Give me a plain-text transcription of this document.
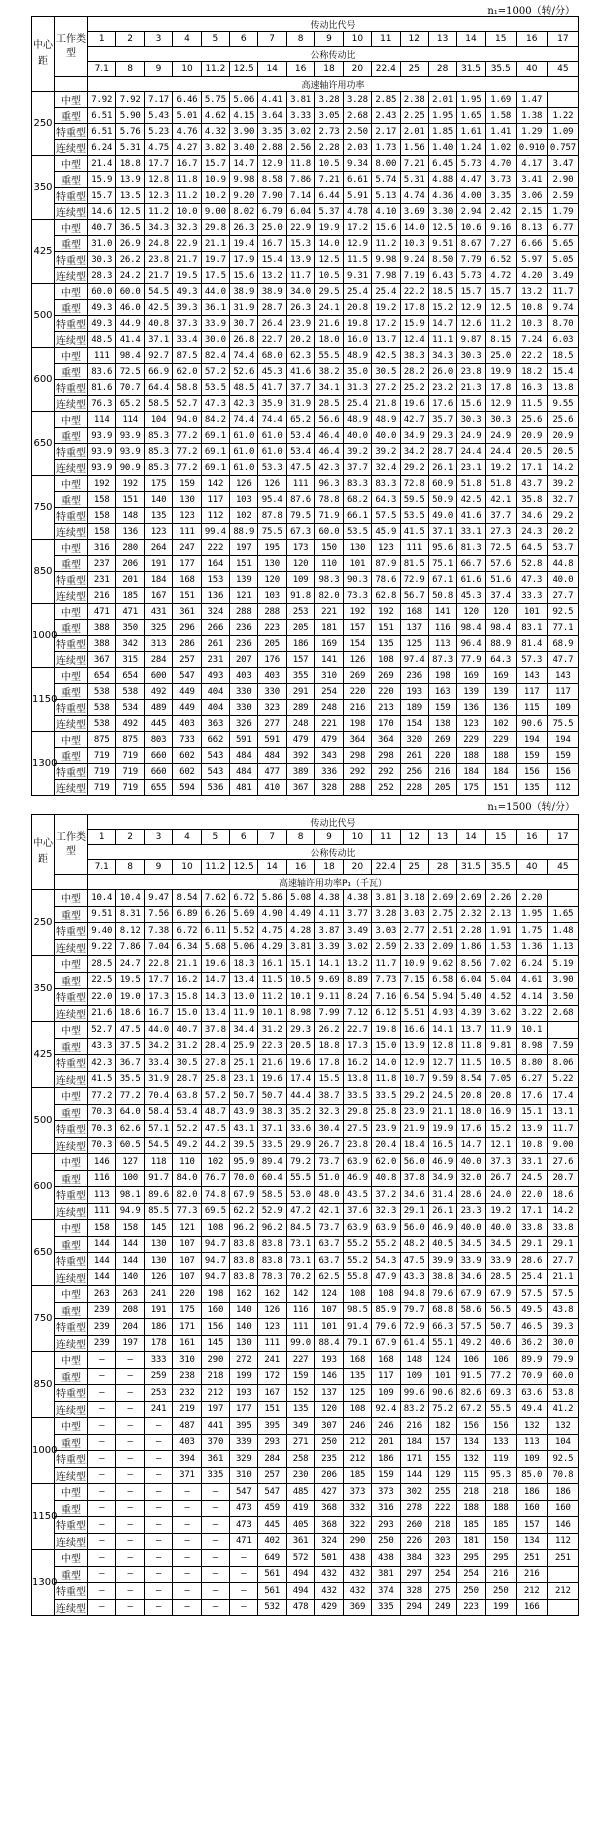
n₁=1000（转/分）
中心距	工作类型	传动比代号																
		1	2	3	4	5	6	7	8	9	10	11	12	13	14	15	16	17
		公称传动比																
		7.1	8	9	10	11.2	12.5	14	16	18	20	22.4	25	28	31.5	35.5	40	45
		高速轴许用功率																
250	中型	7.92	7.92	7.17	6.46	5.75	5.06	4.41	3.81	3.28	3.28	2.85	2.38	2.01	1.95	1.69	1.47	
	重型	6.51	5.90	5.43	5.01	4.62	4.15	3.64	3.33	3.05	2.68	2.43	2.25	1.95	1.65	1.58	1.38	1.22
	特重型	6.51	5.76	5.23	4.76	4.32	3.90	3.35	3.02	2.73	2.50	2.17	2.01	1.85	1.61	1.41	1.29	1.09
	连续型	6.24	5.31	4.75	4.27	3.82	3.40	2.88	2.56	2.28	2.03	1.73	1.56	1.40	1.24	1.02	0.910	0.757
350	中型	21.4	18.8	17.7	16.7	15.7	14.7	12.9	11.8	10.5	9.34	8.00	7.21	6.45	5.73	4.70	4.17	3.47
	重型	15.9	13.9	12.8	11.8	10.9	9.98	8.58	7.86	7.21	6.61	5.74	5.31	4.88	4.47	3.73	3.41	2.90
	特重型	15.7	13.5	12.3	11.2	10.2	9.20	7.90	7.14	6.44	5.91	5.13	4.74	4.36	4.00	3.35	3.06	2.59
	连续型	14.6	12.5	11.2	10.0	9.00	8.02	6.79	6.04	5.37	4.78	4.10	3.69	3.30	2.94	2.42	2.15	1.79
425	中型	40.7	36.5	34.3	32.3	29.8	26.3	25.0	22.9	19.9	17.2	15.6	14.0	12.5	10.6	9.16	8.13	6.77
	重型	31.0	26.9	24.8	22.9	21.1	19.4	16.7	15.3	14.0	12.9	11.2	10.3	9.51	8.67	7.27	6.66	5.65
	特重型	30.3	26.2	23.8	21.7	19.7	17.9	15.4	13.9	12.5	11.5	9.98	9.24	8.50	7.79	6.52	5.97	5.05
	连续型	28.3	24.2	21.7	19.5	17.5	15.6	13.2	11.7	10.5	9.31	7.98	7.19	6.43	5.73	4.72	4.20	3.49
500	中型	60.0	60.0	54.5	49.3	44.0	38.9	38.9	34.0	29.5	25.4	25.4	22.2	18.5	15.7	15.7	13.2	11.7
	重型	49.3	46.0	42.5	39.3	36.1	31.9	28.7	26.3	24.1	20.8	19.2	17.8	15.2	12.9	12.5	10.8	9.74
	特重型	49.3	44.9	40.8	37.3	33.9	30.7	26.4	23.9	21.6	19.8	17.2	15.9	14.7	12.6	11.2	10.3	8.70
	连续型	48.5	41.4	37.1	33.4	30.0	26.8	22.7	20.2	18.0	16.0	13.7	12.4	11.1	9.87	8.15	7.24	6.03
600	中型	111	98.4	92.7	87.5	82.4	74.4	68.0	62.3	55.5	48.9	42.5	38.3	34.3	30.3	25.0	22.2	18.5
	重型	83.6	72.5	66.9	62.0	57.2	52.6	45.3	41.6	38.2	35.0	30.5	28.2	26.0	23.8	19.9	18.2	15.4
	特重型	81.6	70.7	64.4	58.8	53.5	48.5	41.7	37.7	34.1	31.3	27.2	25.2	23.2	21.3	17.8	16.3	13.8
	连续型	76.3	65.2	58.5	52.7	47.3	42.3	35.9	31.9	28.5	25.4	21.8	19.6	17.6	15.6	12.9	11.5	9.55
650	中型	114	114	104	94.0	84.2	74.4	74.4	65.2	56.6	48.9	48.9	42.7	35.7	30.3	30.3	25.6	25.6
	重型	93.9	93.9	85.3	77.2	69.1	61.0	61.0	53.4	46.4	40.0	40.0	34.9	29.3	24.9	24.9	20.9	20.9
	特重型	93.9	93.9	85.3	77.2	69.1	61.0	61.0	53.4	46.4	39.2	39.2	34.2	28.7	24.4	24.4	20.5	20.5
	连续型	93.9	90.9	85.3	77.2	69.1	61.0	53.3	47.5	42.3	37.7	32.4	29.2	26.1	23.1	19.2	17.1	14.2
750	中型	192	192	175	159	142	126	126	111	96.3	83.3	83.3	72.8	60.9	51.8	51.8	43.7	39.2
	重型	158	151	140	130	117	103	95.4	87.6	78.8	68.2	64.3	59.5	50.9	42.5	42.1	35.8	32.7
	特重型	158	148	135	123	112	102	87.8	79.5	71.9	66.1	57.5	53.5	49.0	41.6	37.7	34.6	29.2
	连续型	158	136	123	111	99.4	88.9	75.5	67.3	60.0	53.5	45.9	41.5	37.1	33.1	27.3	24.3	20.2
850	中型	316	280	264	247	222	197	195	173	150	130	123	111	95.6	81.3	72.5	64.5	53.7
	重型	237	206	191	177	164	151	130	120	110	101	87.9	81.5	75.1	66.7	57.6	52.8	44.8
	特重型	231	201	184	168	153	139	120	109	98.3	90.3	78.6	72.9	67.1	61.6	51.6	47.3	40.0
	连续型	216	185	167	151	136	121	103	91.8	82.0	73.3	62.8	56.7	50.8	45.3	37.4	33.3	27.7
1000	中型	471	471	431	361	324	288	288	253	221	192	192	168	141	120	120	101	92.5
	重型	388	350	325	296	266	236	223	205	181	157	151	137	116	98.4	98.4	83.1	77.1
	特重型	388	342	313	286	261	236	205	186	169	154	135	125	113	96.4	88.9	81.4	68.9
	连续型	367	315	284	257	231	207	176	157	141	126	108	97.4	87.3	77.9	64.3	57.3	47.7
1150	中型	654	654	600	547	493	403	403	355	310	269	269	236	198	169	169	143	143
	重型	538	538	492	449	404	330	330	291	254	220	220	193	163	139	139	117	117
	特重型	538	534	489	449	404	330	323	289	248	216	213	189	159	136	136	115	109
	连续型	538	492	445	403	363	326	277	248	221	198	170	154	138	123	102	90.6	75.5
1300	中型	875	875	803	733	662	591	591	479	479	364	364	320	269	229	229	194	194
	重型	719	719	660	602	543	484	484	392	343	298	298	261	220	188	188	159	159
	特重型	719	719	660	602	543	484	477	389	336	292	292	256	216	184	184	156	156
	连续型	719	719	655	594	536	481	410	367	328	288	252	228	205	175	151	135	112
n₁=1500（转/分）
中心距	工作类型	传动比代号																
		1	2	3	4	5	6	7	8	9	10	11	12	13	14	15	16	17
		公称传动比																
		7.1	8	9	10	11.2	12.5	14	16	18	20	22.4	25	28	31.5	35.5	40	45
		高速轴许用功率P₁（千瓦）																
250	中型	10.4	10.4	9.47	8.54	7.62	6.72	5.86	5.08	4.38	4.38	3.81	3.18	2.69	2.69	2.26	2.20	
	重型	9.51	8.31	7.56	6.89	6.26	5.69	4.90	4.49	4.11	3.77	3.28	3.03	2.75	2.32	2.13	1.95	1.65
	特重型	9.40	8.12	7.38	6.72	6.11	5.52	4.75	4.28	3.87	3.49	3.03	2.77	2.51	2.28	1.91	1.75	1.48
	连续型	9.22	7.86	7.04	6.34	5.68	5.06	4.29	3.81	3.39	3.02	2.59	2.33	2.09	1.86	1.53	1.36	1.13
350	中型	28.5	24.7	22.8	21.1	19.6	18.3	16.1	15.1	14.1	13.2	11.7	10.9	9.62	8.56	7.02	6.24	5.19
	重型	22.5	19.5	17.7	16.2	14.7	13.4	11.5	10.5	9.69	8.89	7.73	7.15	6.58	6.04	5.04	4.61	3.90
	特重型	22.0	19.0	17.3	15.8	14.3	13.0	11.2	10.1	9.11	8.24	7.16	6.54	5.94	5.40	4.52	4.14	3.50
	连续型	21.6	18.6	16.7	15.0	13.4	11.9	10.1	8.98	7.99	7.12	6.12	5.51	4.93	4.39	3.62	3.22	2.68
425	中型	52.7	47.5	44.0	40.7	37.8	34.4	31.2	29.3	26.2	22.7	19.8	16.6	14.1	13.7	11.9	10.1	
	重型	43.3	37.5	34.2	31.2	28.4	25.9	22.3	20.5	18.8	17.3	15.0	13.9	12.8	11.8	9.81	8.98	7.59
	特重型	42.3	36.7	33.4	30.5	27.8	25.1	21.6	19.6	17.8	16.2	14.0	12.9	12.7	11.5	10.5	8.80	8.06
	连续型	41.5	35.5	31.9	28.7	25.8	23.1	19.6	17.4	15.5	13.8	11.8	10.7	9.59	8.54	7.05	6.27	5.22
500	中型	77.2	77.2	70.4	63.8	57.2	50.7	50.7	44.4	38.7	33.5	33.5	29.2	24.5	20.8	20.8	17.6	17.4
	重型	70.3	64.0	58.4	53.4	48.7	43.9	38.3	35.2	32.3	29.8	25.8	23.9	21.1	18.0	16.9	15.1	13.1
	特重型	70.3	62.6	57.1	52.2	47.5	43.1	37.1	33.6	30.4	27.5	23.9	21.9	19.9	17.6	15.2	13.9	11.7
	连续型	70.3	60.5	54.5	49.2	44.2	39.5	33.5	29.9	26.7	23.8	20.4	18.4	16.5	14.7	12.1	10.8	9.00
600	中型	146	127	118	110	102	95.9	89.4	79.2	73.7	63.9	62.0	56.0	46.9	40.0	37.3	33.1	27.6
	重型	116	100	91.7	84.0	76.7	70.0	60.4	55.5	51.0	46.9	40.8	37.8	34.9	32.0	26.7	24.5	20.7
	特重型	113	98.1	89.6	82.0	74.8	67.9	58.5	53.0	48.0	43.5	37.2	34.6	31.4	28.6	24.0	22.0	18.6
	连续型	111	94.9	85.5	77.3	69.5	62.2	52.9	47.2	42.1	37.6	32.3	29.1	26.1	23.3	19.2	17.1	14.2
650	中型	158	158	145	121	108	96.2	96.2	84.5	73.7	63.9	63.9	56.0	46.9	40.0	40.0	33.8	33.8
	重型	144	144	130	107	94.7	83.8	83.8	73.1	63.7	55.2	55.2	48.2	40.5	34.5	34.5	29.1	29.1
	特重型	144	144	130	107	94.7	83.8	83.8	73.1	63.7	55.2	54.3	47.5	39.9	33.9	33.9	28.6	27.7
	连续型	144	140	126	107	94.7	83.8	78.3	70.2	62.5	55.8	47.9	43.3	38.8	34.6	28.5	25.4	21.1
750	中型	263	263	241	220	198	162	162	142	124	108	108	94.8	79.6	67.9	67.9	57.5	57.5
	重型	239	208	191	175	160	140	126	116	107	98.5	85.9	79.7	68.8	58.6	56.5	49.5	43.8
	特重型	239	204	186	171	156	140	123	111	101	91.4	79.6	72.9	66.3	57.5	50.7	46.5	39.3
	连续型	239	197	178	161	145	130	111	99.0	88.4	79.1	67.9	61.4	55.1	49.2	40.6	36.2	30.0
850	中型	—	—	333	310	290	272	241	227	193	168	168	148	124	106	106	89.9	79.9
	重型	—	—	259	238	218	199	172	159	146	135	117	109	101	91.5	77.2	70.9	60.0
	特重型	—	—	253	232	212	193	167	152	137	125	109	99.6	90.6	82.6	69.3	63.6	53.8
	连续型	—	—	241	219	197	177	151	135	120	108	92.4	83.2	75.2	67.2	55.5	49.4	41.2
1000	中型	—	—	—	487	441	395	395	349	307	246	246	216	182	156	156	132	132
	重型	—	—	—	403	370	339	293	271	250	212	201	184	157	134	133	113	104
	特重型	—	—	—	394	361	329	284	258	235	212	186	171	155	132	119	109	92.5
	连续型	—	—	—	371	335	310	257	230	206	185	159	144	129	115	95.3	85.0	70.8
1150	中型	—	—	—	—	—	547	547	485	427	373	373	302	255	218	218	186	186
	重型	—	—	—	—	—	473	459	419	368	332	316	278	222	188	188	160	160
	特重型	—	—	—	—	—	473	445	405	368	322	293	260	218	185	185	157	146
	连续型	—	—	—	—	—	471	402	361	324	290	250	226	203	181	150	134	112
1300	中型	—	—	—	—	—	—	649	572	501	438	438	384	323	295	295	251	251
	重型	—	—	—	—	—	—	561	494	432	432	381	297	254	254	216	216	
	特重型	—	—	—	—	—	—	561	494	432	432	374	328	275	250	250	212	212
	连续型	—	—	—	—	—	—	532	478	429	369	335	294	249	223	199	166	
